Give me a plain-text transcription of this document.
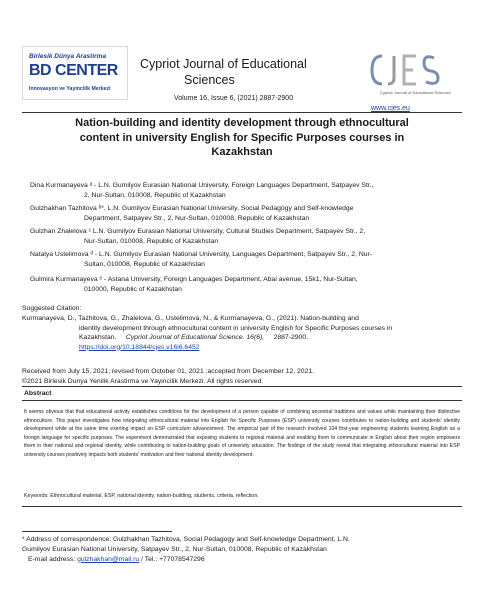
Birlesik Dünya Arastirma
BD CENTER
Innovasyon ve Yayincilik Merkezi
Cypriot Journal of Educational
Sciences
Volume 16, Issue 6, (2021) 2887-2900
Cypriot Journal of Educational Sciences
www.cjes.eu
Nation-building and identity development through ethnocultural
content in university English for Specific Purposes courses in
Kazakhstan
Dina Kurmanayeva ᵃ - L.N. Gumilyov Eurasian National University, Foreign Languages Department, Satpayev Str.,
2, Nur-Sultan, 010008, Republic of Kazakhstan
Gulzhakhan Tazhitova ᵇ*, L.N. Gumilyov Eurasian National University, Social Pedagogy and Self-knowledge
Department, Satpayev Str., 2, Nur-Sultan, 010008, Republic of Kazakhstan
Gulzhan Zhalelova ᶜ L.N. Gumilyov Eurasian National University, Cultural Studies Department, Satpayev Str., 2,
Nur-Sultan, 010008, Republic of Kazakhstan
Natalya Ustelimova ᵈ - L.N. Gumilyov Eurasian National University, Languages Department, Satpayev Str., 2, Nur-
Sultan, 010008, Republic of Kazakhstan
Gulmira Kurmanayeva ᵉ - Astana University, Foreign Languages Department, Abai avenue, 15k1, Nur-Sultan,
010000, Republic of Kazakhstan
Suggested Citation:
Kurmanayeva, D., Tazhitova, G., Zhalelova, G., Ustelimova, N., & Kurmanayeva, G., (2021). Nation-building and
identity development through ethnocultural content in university English for Specific Purposes courses in
Kazakhstan. Cypriot Journal of Educational Science. 16(6), 2887-2900.
https://doi.org/10.18844/cjes.v16i6.6452
Received from July 15, 2021; revised from October 01, 2021 ;accepted from December 12, 2021.
©2021 Birlesik Dunya Yenilik Arastirma ve Yayincilik Merkezi. All rights reserved.
Abstract
It seems obvious that that educational activity establishes conditions for the development of a person capable of combining ancestral traditions and values while maintaining their distinctive ethnoculture. This paper investigates how integrating ethnocultural material into English for Specific Purposes (ESP) university courses contributes to nation-building and students' identity development while at the same time exerting impact on ESP curriculum advancement. The empirical part of the research involved 104 first-year engineering students learning English as a foreign language for specific purposes. The experiment demonstrated that exposing students to regional material and enabling them to communicate in English about their region empowers them in their national and regional identity, while contributing to nation-building goals of university education. The findings of the study reveal that integrating ethnocultural material into ESP university courses positively impacts both students' motivation and their national identity development.
Keywords: Ethnocultural material, ESP, national identity, nation-building, students, criteria, reflection.
* Address of correspondence: Gulzhakhan Tazhitova, Social Pedagogy and Self-knowledge Department, L.N.
Gumilyov Eurasian National University, Satpayev Str., 2, Nur-Sultan, 010008, Republic of Kazakhstan
E-mail address: gulzhakhan@mail.ru / Tel.: +77078547296
